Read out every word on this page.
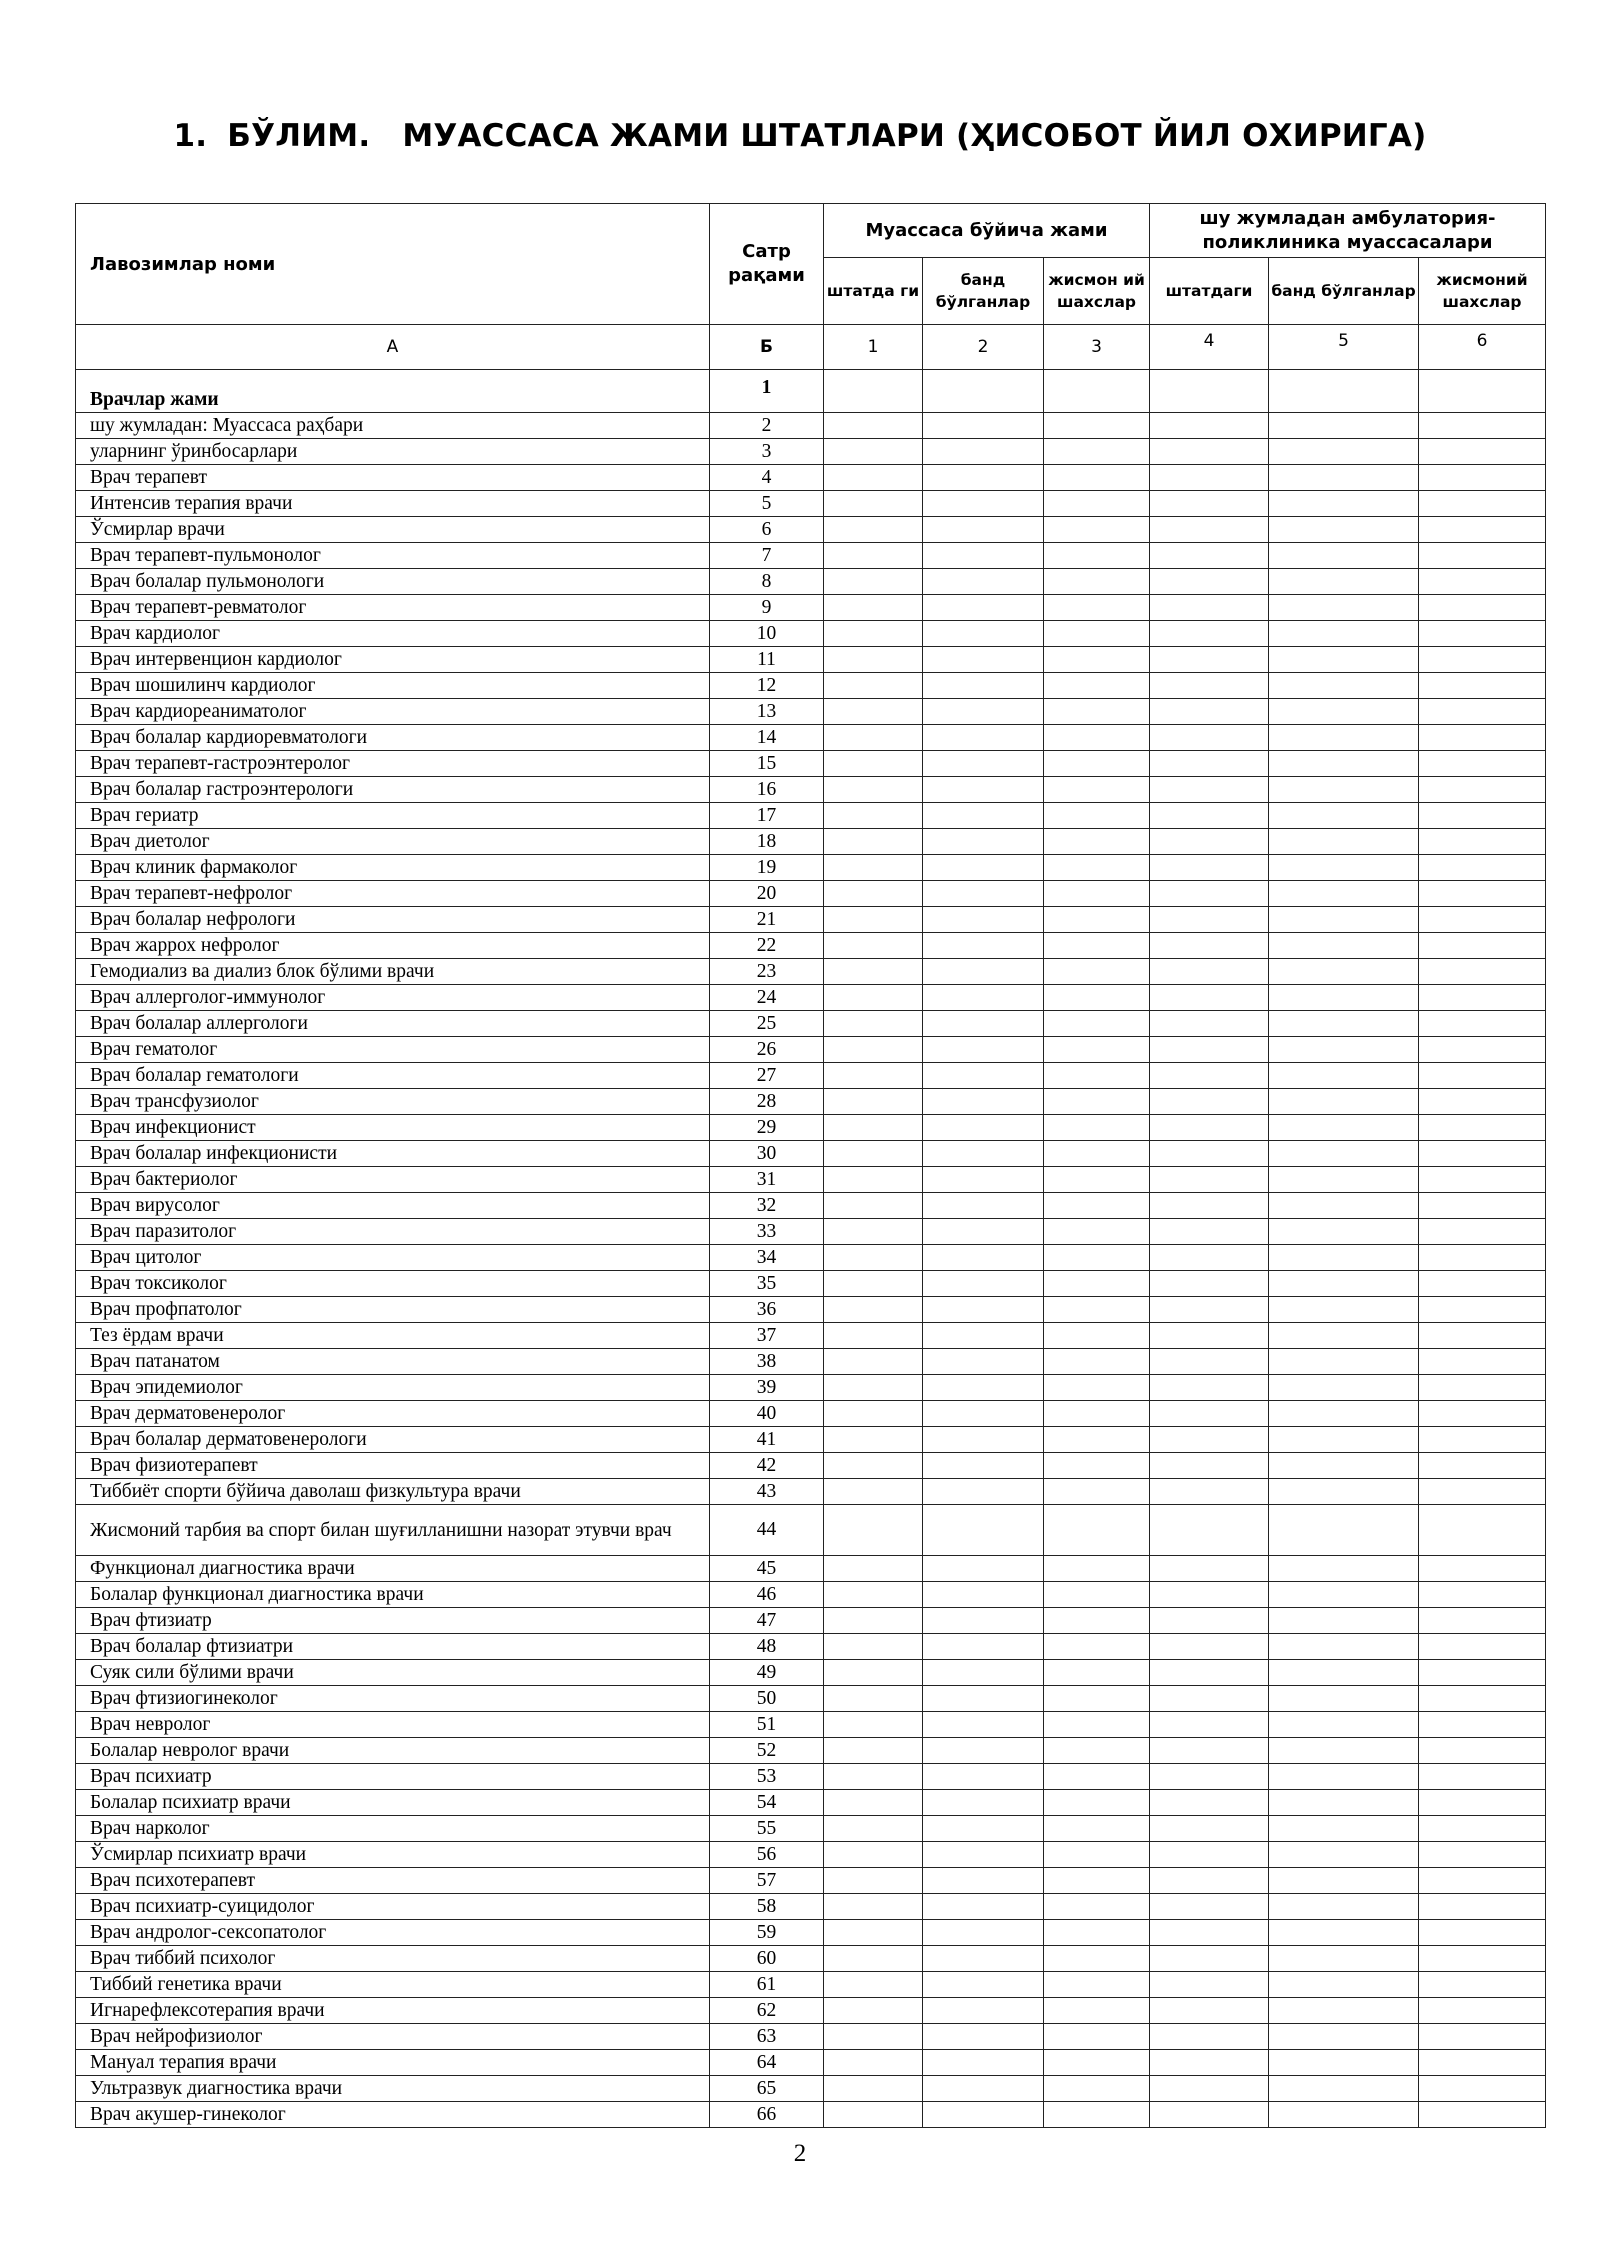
1. БЎЛИМ. МУАССАСА ЖАМИ ШТАТЛАРИ (ҲИСОБОТ ЙИЛ ОХИРИГА)
Лавозимлар номи	Сатр рақами	Муассаса бўйича жами			шу жумладан амбулатория-поликлиника муассасалари		
		штатда ги	банд бўлганлар	жисмон ий шахслар	штатдаги	банд бўлганлар	жисмоний шахслар
А	Б	1	2	3	4	5	6
Врачлар жами	1						
шу жумладан: Муассаса раҳбари	2						
уларнинг ўринбосарлари	3						
Врач терапевт	4						
Интенсив терапия врачи	5						
Ўсмирлар врачи	6						
Врач терапевт-пульмонолог	7						
Врач болалар пульмонологи	8						
Врач терапевт-ревматолог	9						
Врач кардиолог	10						
Врач интервенцион кардиолог	11						
Врач шошилинч кардиолог	12						
Врач кардиореаниматолог	13						
Врач болалар кардиоревматологи	14						
Врач терапевт-гастроэнтеролог	15						
Врач болалар гастроэнтерологи	16						
Врач гериатр	17						
Врач диетолог	18						
Врач клиник фармаколог	19						
Врач терапевт-нефролог	20						
Врач болалар нефрологи	21						
Врач жаррох нефролог	22						
Гемодиализ ва диализ блок бўлими врачи	23						
Врач аллерголог-иммунолог	24						
Врач болалар аллергологи	25						
Врач гематолог	26						
Врач болалар гематологи	27						
Врач трансфузиолог	28						
Врач инфекционист	29						
Врач болалар инфекционисти	30						
Врач бактериолог	31						
Врач вирусолог	32						
Врач паразитолог	33						
Врач цитолог	34						
Врач токсиколог	35						
Врач профпатолог	36						
Тез ёрдам врачи	37						
Врач патанатом	38						
Врач эпидемиолог	39						
Врач дерматовенеролог	40						
Врач болалар дерматовенерологи	41						
Врач физиотерапевт	42						
Тиббиёт спорти бўйича даволаш физкультура врачи	43						
Жисмоний тарбия ва спорт билан шуғилланишни назорат этувчи врач	44						
Функционал диагностика врачи	45						
Болалар функционал диагностика врачи	46						
Врач фтизиатр	47						
Врач болалар фтизиатри	48						
Суяк сили бўлими врачи	49						
Врач фтизиогинеколог	50						
Врач невролог	51						
Болалар невролог врачи	52						
Врач психиатр	53						
Болалар психиатр врачи	54						
Врач нарколог	55						
Ўсмирлар психиатр врачи	56						
Врач психотерапевт	57						
Врач психиатр-суицидолог	58						
Врач андролог-сексопатолог	59						
Врач тиббий психолог	60						
Тиббий генетика врачи	61						
Игнарефлексотерапия врачи	62						
Врач нейрофизиолог	63						
Мануал терапия врачи	64						
Ультразвук диагностика врачи	65						
Врач акушер-гинеколог	66						
2
